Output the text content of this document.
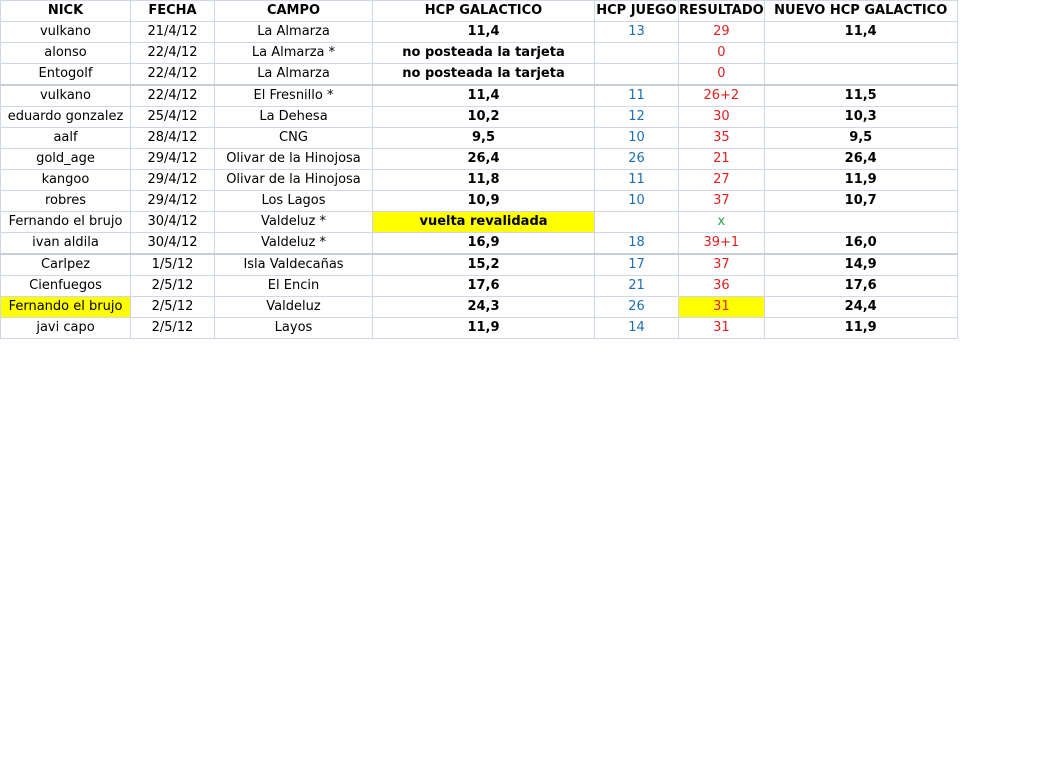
NICK	FECHA	CAMPO	HCP GALACTICO	HCP JUEGO	RESULTADO	NUEVO HCP GALACTICO
vulkano	21/4/12	La Almarza	11,4	13	29	11,4
alonso	22/4/12	La Almarza *	no posteada la tarjeta		0	
Entogolf	22/4/12	La Almarza	no posteada la tarjeta		0	
vulkano	22/4/12	El Fresnillo *	11,4	11	26+2	11,5
eduardo gonzalez	25/4/12	La Dehesa	10,2	12	30	10,3
aalf	28/4/12	CNG	9,5	10	35	9,5
gold_age	29/4/12	Olivar de la Hinojosa	26,4	26	21	26,4
kangoo	29/4/12	Olivar de la Hinojosa	11,8	11	27	11,9
robres	29/4/12	Los Lagos	10,9	10	37	10,7
Fernando el brujo	30/4/12	Valdeluz *	vuelta revalidada		x	
ivan aldila	30/4/12	Valdeluz *	16,9	18	39+1	16,0
Carlpez	1/5/12	Isla Valdecañas	15,2	17	37	14,9
Cienfuegos	2/5/12	El Encin	17,6	21	36	17,6
Fernando el brujo	2/5/12	Valdeluz	24,3	26	31	24,4
javi capo	2/5/12	Layos	11,9	14	31	11,9
